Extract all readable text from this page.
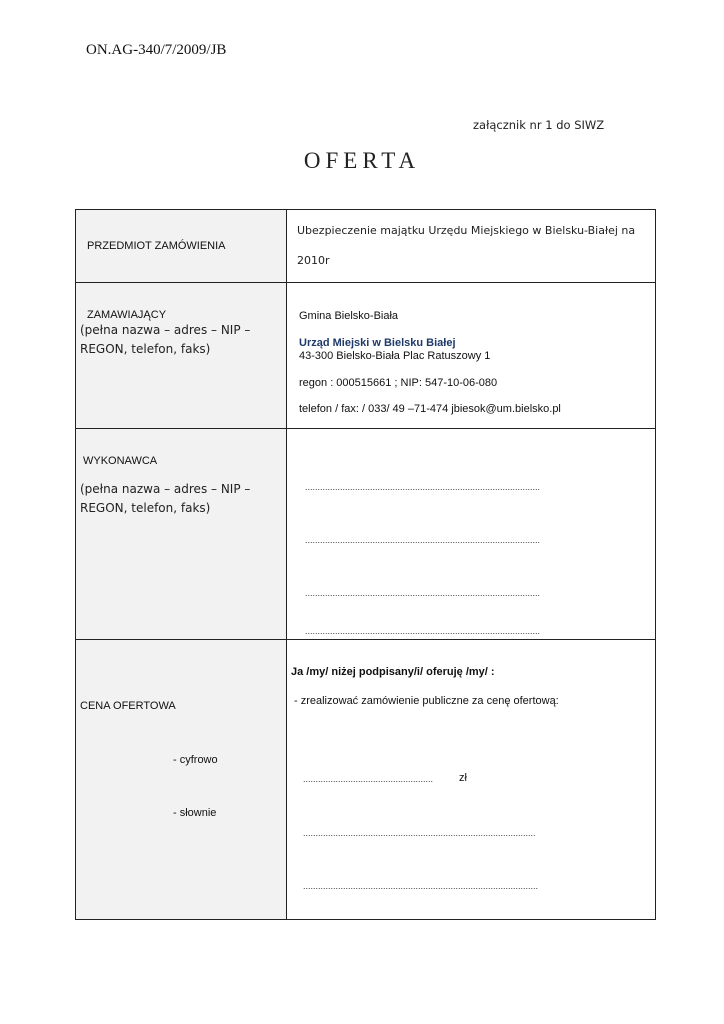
ON.AG-340/7/2009/JB
załącznik nr 1 do SIWZ
OFERTA
PRZEDMIOT ZAMÓWIENIA
Ubezpieczenie majątku Urzędu Miejskiego w Bielsku-Białej na
2010r
ZAMAWIAJĄCY
(pełna nazwa – adres – NIP –
REGON, telefon, faks)
Gmina Bielsko-Biała
Urząd Miejski w Bielsku Białej
43-300 Bielsko-Biała Plac Ratuszowy 1
regon : 000515661 ; NIP: 547-10-06-080
telefon / fax: / 033/ 49 –71-474 jbiesok@um.bielsko.pl
WYKONAWCA
(pełna nazwa – adres – NIP –
REGON, telefon, faks)
..............................................................................................
..............................................................................................
..............................................................................................
..............................................................................................
CENA OFERTOWA
- cyfrowo
- słownie
Ja /my/ niżej podpisany/i/ oferuję /my/ :
- zrealizować zamówienie publiczne za cenę ofertową:
.................................................... zł
.............................................................................................
..............................................................................................
